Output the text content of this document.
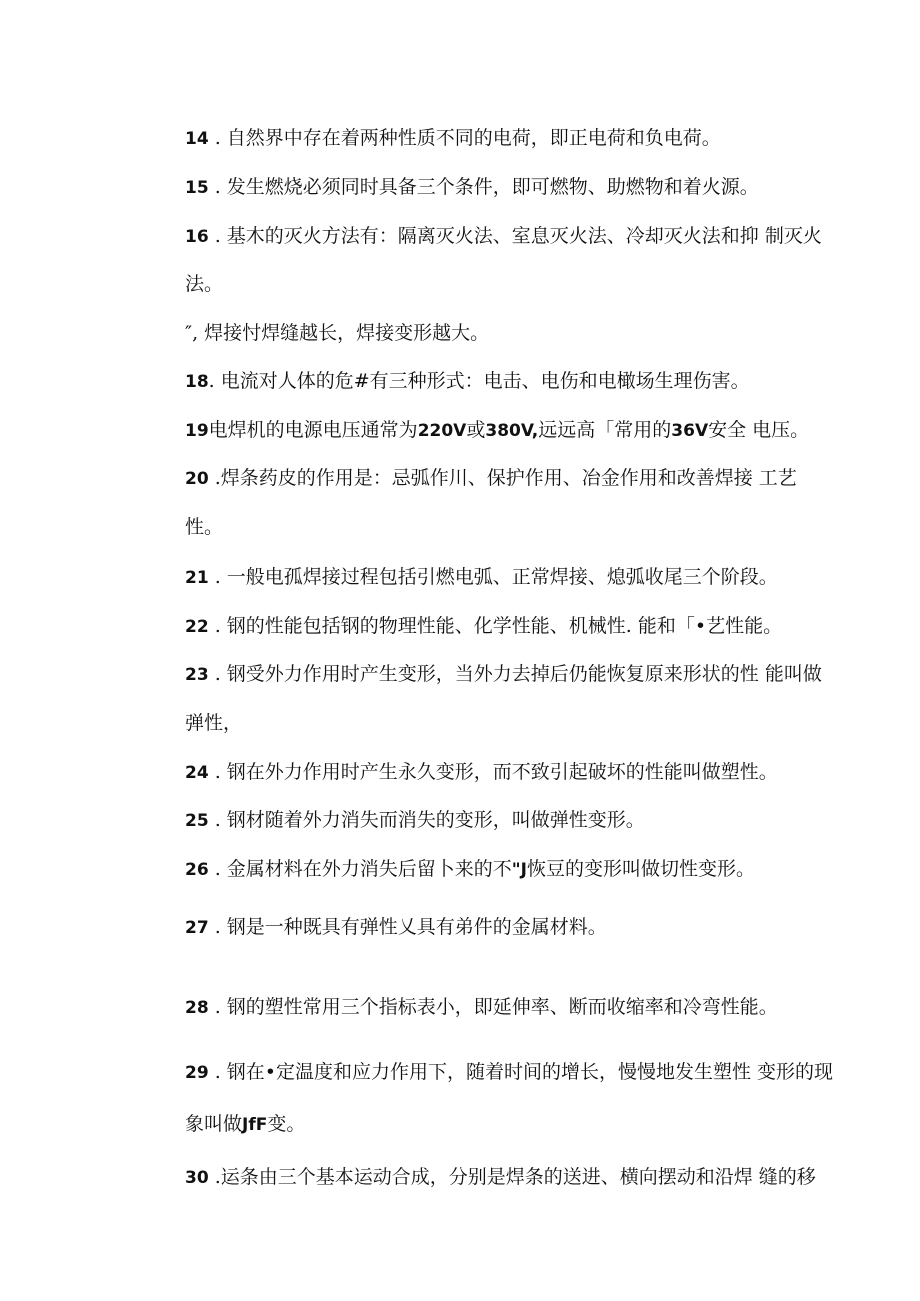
14 . 自然界中存在着两种性质不同的电荷，即正电荷和负电荷。
15 . 发生燃烧必须同时具备三个条件，即可燃物、助燃物和着火源。
16 . 基木的灭火方法有：隔离灭火法、室息灭火法、冷却灭火法和抑 制灭火
法。
″, 焊接忖焊缝越长，焊接变形越大。
18. 电流对人体的危#有三种形式：电击、电伤和电橄场生理伤害。
19电焊机的电源电压通常为220V或380V,远远高「常用的36V安全 电压。
20 .焊条药皮的作用是：忌弧作川、保护作用、冶金作用和改善焊接 工艺
性。
21 . 一般电孤焊接过程包括引燃电弧、正常焊接、熄弧收尾三个阶段。
22 . 钢的性能包括钢的物理性能、化学性能、机械性. 能和「•艺性能。
23 . 钢受外力作用时产生变形，当外力去掉后仍能恢复原来形状的性 能叫做
弹性，
24 . 钢在外力作用时产生永久变形，而不致引起破坏的性能叫做塑性。
25 . 钢材随着外力消失而消失的变形，叫做弹性变形。
26 . 金属材料在外力消失后留卜来的不"J恢豆的变形叫做切性变形。
27 . 钢是一种既具有弹性乂具有弟件的金属材料。
28 . 钢的塑性常用三个指标表小，即延伸率、断而收缩率和冷弯性能。
29 . 钢在•定温度和应力作用下，随着时间的增长，慢慢地发生塑性 变形的现
象叫做JfF变。
30 .运条由三个基本运动合成，分别是焊条的送进、横向摆动和沿焊 缝的移
